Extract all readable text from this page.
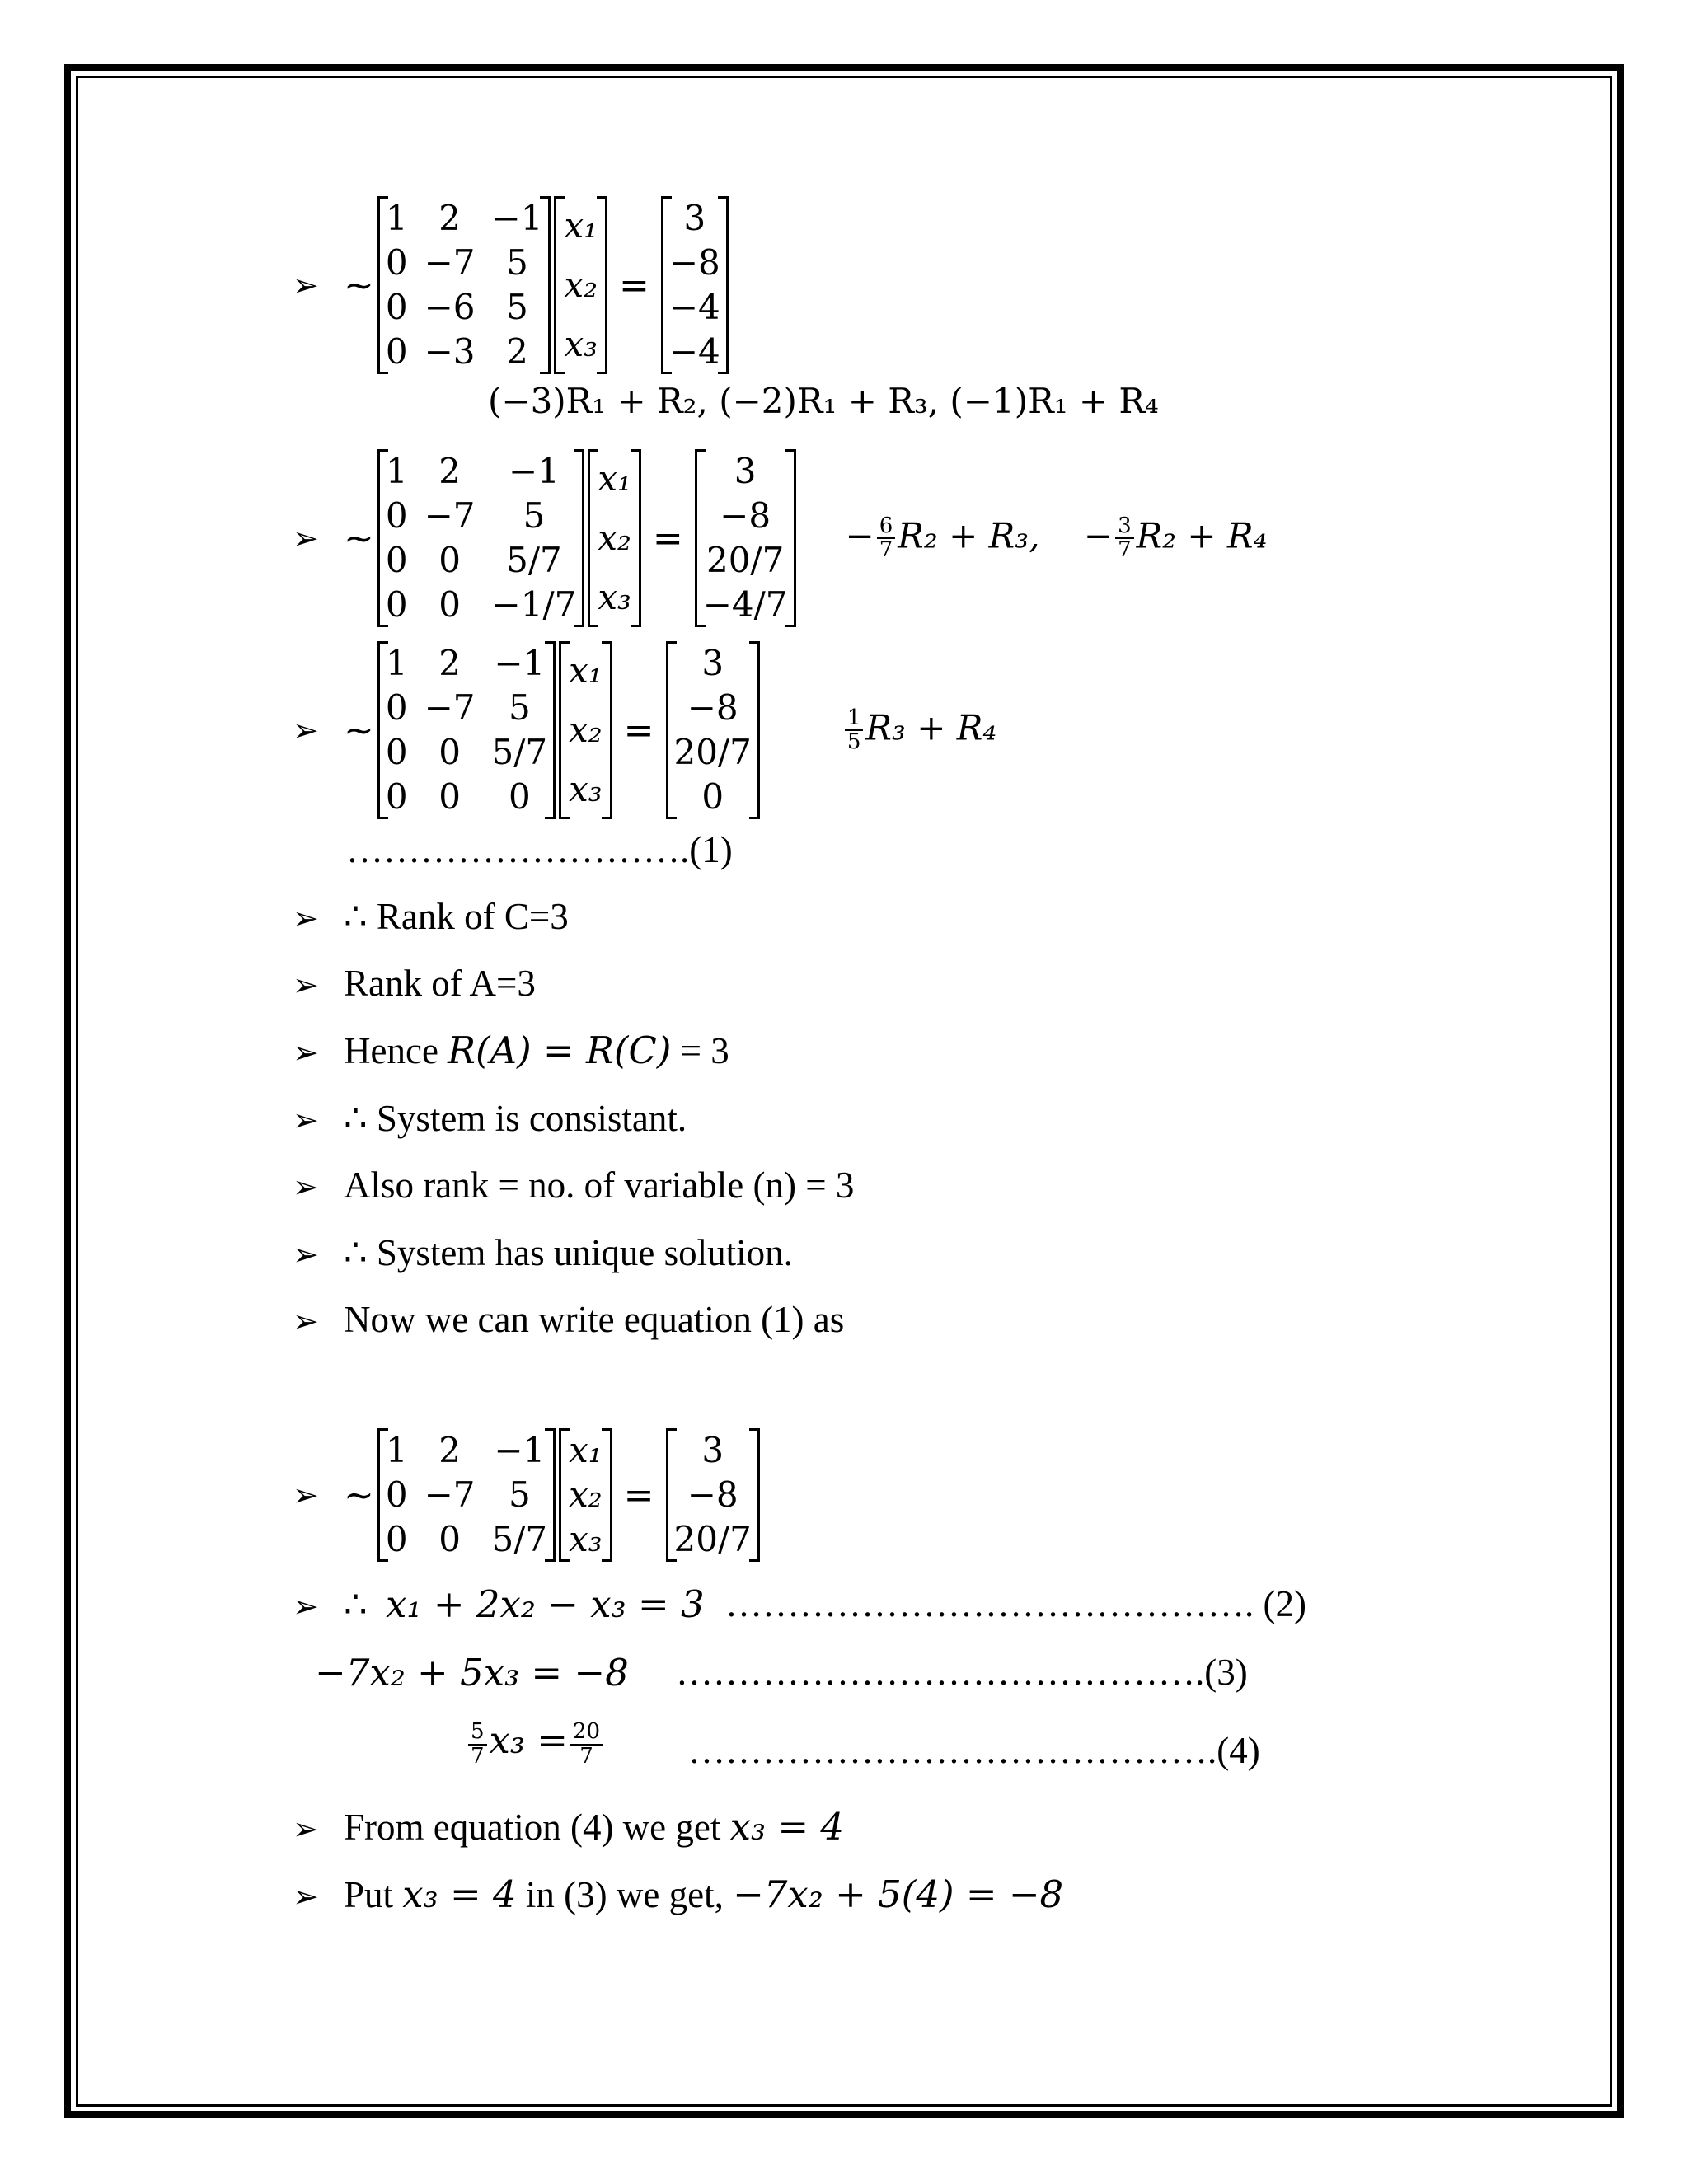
➢ ~
1	2	−1
0	−7	5
0	−6	5
0	−3	2
x₁
x₂
x₃
=
3
−8
−4
−4
(−3)R₁ + R₂, (−2)R₁ + R₃, (−1)R₁ + R₄
➢ ~
1	2	−1
0	−7	5
0	0	5/7
0	0	−1/7
x₁
x₂
x₃
=
3
−8
20/7
−4/7
− $\frac{6}{7} R_2 + R_3$, − $\frac{3}{7} R_2 + R_4$
➢ ~
1	2	−1
0	−7	5
0	0	5/7
0	0	0
x₁
x₂
x₃
=
3
−8
20/7
0
$\frac{1}{5} R_3 + R_4$
……………………….(1)
➢ ∴ Rank of C=3
➢ Rank of A=3
➢ Hence R(A) = R(C) = 3
➢ ∴ System is consistant.
➢ Also rank = no. of variable (n) = 3
➢ ∴ System has unique solution.
➢ Now we can write equation (1) as
➢ ~
1	2	−1
0	−7	5
0	0	5/7
x₁
x₂
x₃
=
3
−8
20/7
➢ ∴ x₁ + 2x₂ − x₃ = 3 ……………………………………. (2)
−7x₂ + 5x₃ = −8 …………………………………….(3)
$\frac{5}{7} x_3 = \frac{20}{7}$ …………………………………….(4)
➢ From equation (4) we get x₃ = 4
➢ Put x₃ = 4 in (3) we get, −7x₂ + 5(4) = −8
